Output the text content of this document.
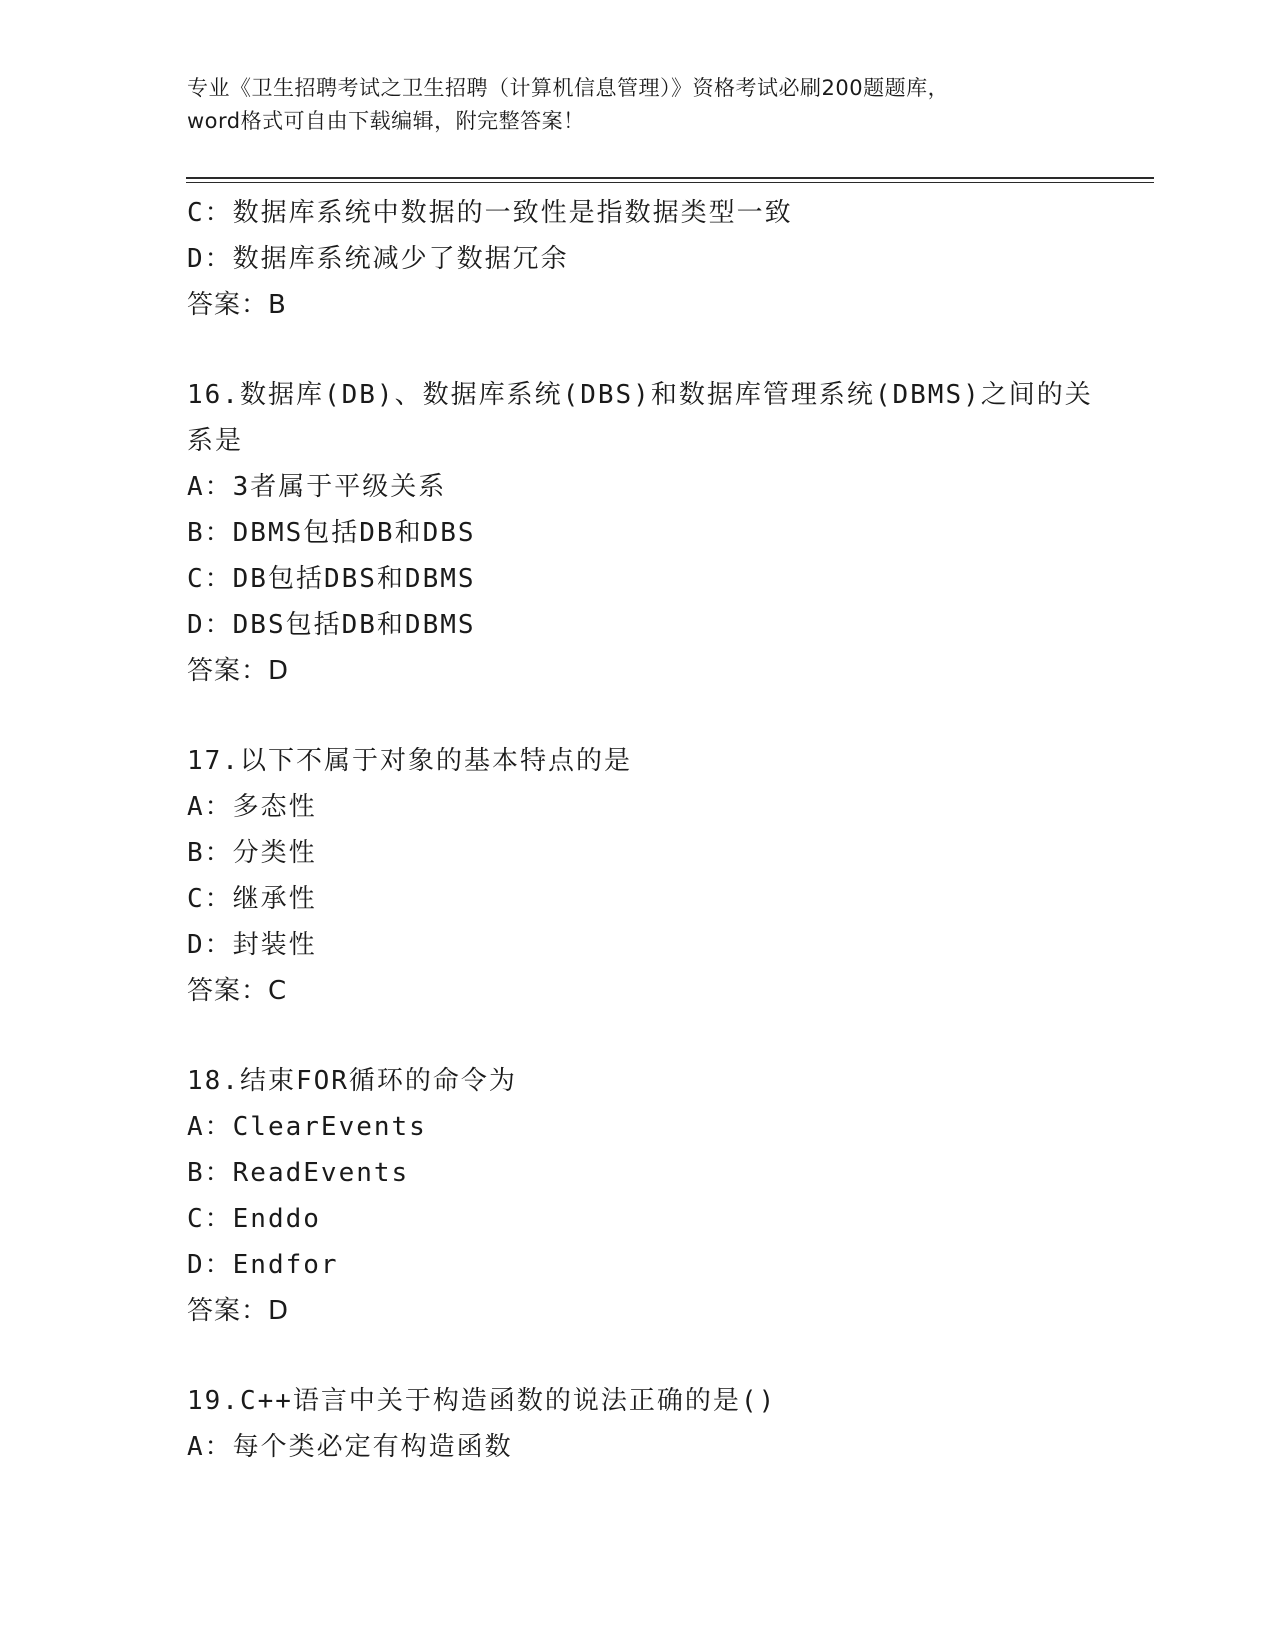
专业《卫生招聘考试之卫生招聘（计算机信息管理）》资格考试必刷200题题库，
word格式可自由下载编辑，附完整答案！
C：数据库系统中数据的一致性是指数据类型一致
D：数据库系统减少了数据冗余
答案：B
16.数据库(DB)、数据库系统(DBS)和数据库管理系统(DBMS)之间的关
系是
A：3者属于平级关系
B：DBMS包括DB和DBS
C：DB包括DBS和DBMS
D：DBS包括DB和DBMS
答案：D
17.以下不属于对象的基本特点的是
A：多态性
B：分类性
C：继承性
D：封装性
答案：C
18.结束FOR循环的命令为
A：ClearEvents
B：ReadEvents
C：Enddo
D：Endfor
答案：D
19.C++语言中关于构造函数的说法正确的是()
A：每个类必定有构造函数
